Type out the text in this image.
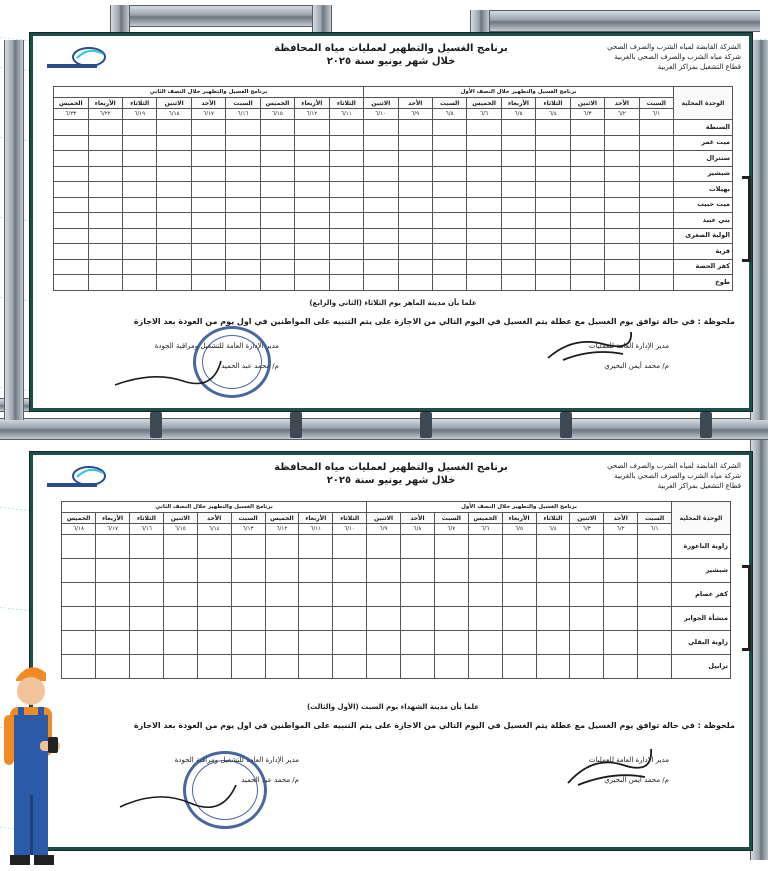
الشركة القابضة لمياه الشرب والصرف الصحي
شركة مياه الشرب والصرف الصحي بالغربية
قطاع التشغيل بمراكز الغربية
برنامج الغسيل والتطهير لعمليات مياه المحافظة
خلال شهر يونيو سنة ٢٠٢٥
الوحدة المحلية	برنامج الغسيل والتطهير خلال النصف الأول									برنامج الغسيل والتطهير خلال النصف الثاني								
	السبت	الأحد	الاثنين	الثلاثاء	الأربعاء	الخميس	السبت	الأحد	الاثنين	الثلاثاء	الأربعاء	الخميس	السبت	الأحد	الاثنين	الثلاثاء	الأربعاء	الخميس
	٦/١	٦/٢	٦/٣	٦/٤	٦/٥	٦/٦	٦/٨	٦/٩	٦/١٠	٦/١١	٦/١٢	٦/١٥	٦/١٦	٦/١٧	٦/١٨	٦/١٩	٦/٢٢	٦/٢٣
السنطة																		
ميت غمر																		
سنترال																		
شبشير																		
بهيلات																		
ميت حبيب																		
بني عبيد																		
الولية الصغرى																		
قرية																		
كفر الحصة																		
طوخ																		
علما بأن مدينة الماهر يوم الثلاثاء (الثاني والرابع)
ملحوظة : في حالة توافق يوم الغسيل مع عطلة يتم الغسيل في اليوم التالي من الاجازة على يتم التنبيه على المواطنين في اول يوم من العودة بعد الاجازة
مدير الإدارة العامة للعمليات
م/ محمد أيمن البحيري
مدير الإدارة العامة للتشغيل ومراقبة الجودة
م/ محمد عبد الحميد
الشركة القابضة لمياه الشرب والصرف الصحي
شركة مياه الشرب والصرف الصحي بالغربية
قطاع التشغيل بمراكز الغربية
برنامج الغسيل والتطهير لعمليات مياه المحافظة
خلال شهر يونيو سنة ٢٠٢٥
الوحدة المحلية	برنامج الغسيل والتطهير خلال النصف الأول									برنامج الغسيل والتطهير خلال النصف الثاني								
	السبت	الأحد	الاثنين	الثلاثاء	الأربعاء	الخميس	السبت	الأحد	الاثنين	الثلاثاء	الأربعاء	الخميس	السبت	الأحد	الاثنين	الثلاثاء	الأربعاء	الخميس
	٦/١	٦/٢	٦/٣	٦/٤	٦/٥	٦/٦	٦/٧	٦/٨	٦/٩	٦/١٠	٦/١١	٦/١٢	٦/١٣	٦/١٤	٦/١٥	٦/١٦	٦/١٧	٦/١٨
زاوية الناعورة																		
شبشير																		
كفر عصام																		
منشأة الجوابر																		
زاوية البقلي																		
ترابيل																		
علما بأن مدينة الشهداء يوم السبت (الأول والثالث)
ملحوظة : في حالة توافق يوم الغسيل مع عطلة يتم الغسيل في اليوم التالي من الاجازة على يتم التنبيه على المواطنين في اول يوم من العودة بعد الاجازة
مدير الإدارة العامة للعمليات
م/ محمد أيمن البحيري
مدير الإدارة العامة للتشغيل ومراقبة الجودة
م/ محمد عبد الحميد
